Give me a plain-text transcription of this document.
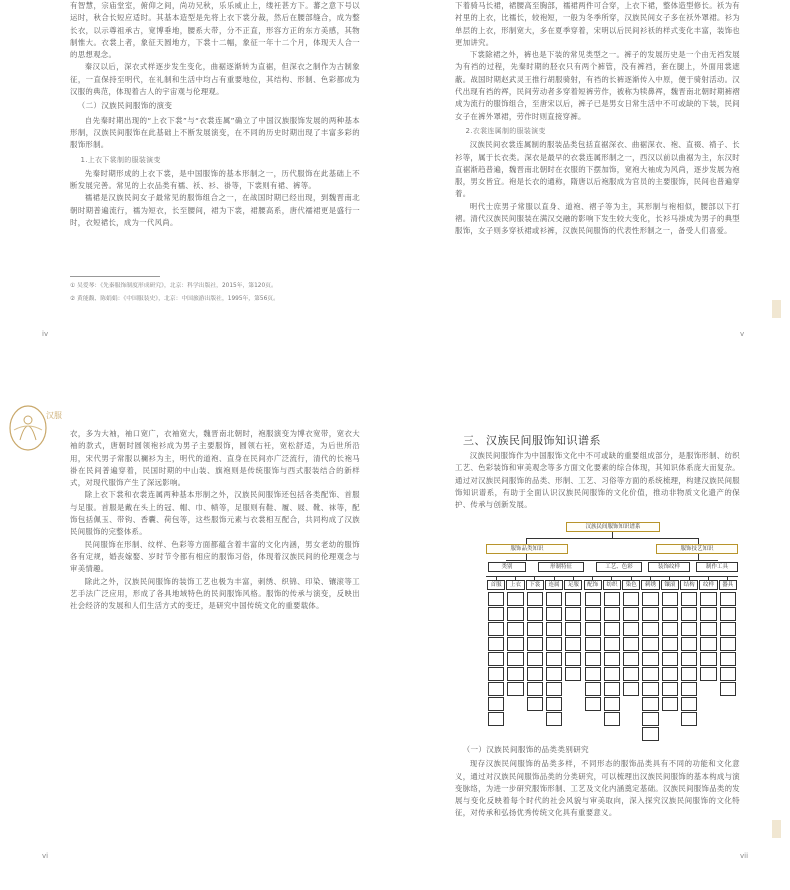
有智慧，宗庙堂室，俯仰之间，尚功兄秋，乐乐威止上，缕衽甚方下。蕃之意下号以运时，秋合长短应适时。其基本造型是先将上衣下裳分裁，然后在腰部缝合，成为整长衣，以示尊祖承古，宽博垂地，腰系大带，分不正直，形容方正的东方美感，其物制惟大。衣裳上者，象征天圆地方，下裳十二幅，象征一年十二个月，体现天人合一的思想观念。

秦汉以后，深衣式样逐步发生变化，曲裾逐渐转为直裾，但深衣之制作为古制象征，一直保持至明代，在礼制和生活中均占有重要地位，其结构、形制、色彩都成为汉服的典范，体现着古人的宇宙观与伦理观。

（二）汉族民间服饰的演变

自先秦时期出现的“上衣下裳”与“衣裳连属”确立了中国汉族服饰发展的两种基本形制，汉族民间服饰在此基础上不断发展演变，在不同的历史时期出现了丰富多彩的服饰形制。

1.上衣下裳制的服装演变

先秦时期形成的上衣下裳，是中国服饰的基本形制之一，历代服饰在此基础上不断发展完善。常见的上衣品类有襦、袄、衫、褂等，下裳则有裙、裤等。

襦裙是汉族民间女子最常见的服饰组合之一，在战国时期已经出现，到魏晋南北朝时期普遍流行，襦为短衣，长至腰间，裙为下裳，裙腰高系，唐代襦裙更是盛行一时，衣短裙长，成为一代风尚。

① 吴爱琴：《先秦服饰制度形成研究》，北京：科学出版社，2015年，第120页。

② 黄能馥、陈娟娟：《中国服装史》，北京：中国旅游出版社，1995年，第56页。

iv

下着骑马长裙，裙腰高至胸部，襦裙两件可合穿，上衣下裙，整体造型修长。袄为有衬里的上衣，比襦长，较袍短，一般为冬季所穿，汉族民间女子多在袄外罩裙。衫为单层的上衣，形制宽大，多在夏季穿着，宋明以后民间衫袄的样式变化丰富，装饰也更加讲究。

下裳除裙之外，裤也是下装的常见类型之一。裤子的发展历史是一个由无裆发展为有裆的过程，先秦时期的胫衣只有两个裤管，没有裤裆，套在腿上，外面用裳遮蔽。战国时期赵武灵王推行胡服骑射，有裆的长裤逐渐传入中原，便于骑射活动。汉代出现有裆的裈，民间劳动者多穿着短裤劳作，被称为犊鼻裈，魏晋南北朝时期裤褶成为流行的服饰组合，至唐宋以后，裤子已是男女日常生活中不可或缺的下装，民间女子在裤外罩裙，劳作时则直接穿裤。

2.衣裳连属制的服装演变

汉族民间衣裳连属制的服装品类包括直裾深衣、曲裾深衣、袍、直裰、褙子、长衫等，属于长衣类。深衣是最早的衣裳连属形制之一，西汉以前以曲裾为主，东汉时直裾渐趋普遍，魏晋南北朝时在衣服的下摆加饰，宽袍大袖成为风尚，逐步发展为袍服，男女皆宜。袍是长衣的通称，隋唐以后袍服成为官员的主要服饰，民间也普遍穿着。

明代士庶男子常服以直身、道袍、褶子等为主，其形制与袍相似，腰部以下打褶。清代汉族民间服装在满汉交融的影响下发生较大变化，长衫马褂成为男子的典型服饰，女子则多穿袄裙或衫裤，汉族民间服饰的代表性形制之一，备受人们喜爱。

v
汉服

衣，多为大袖，袖口宽广，衣袖宽大，魏晋南北朝时，袍服演变为博衣宽带，宽衣大袖的款式，唐朝时圆领袍衫成为男子主要服饰，圆领右衽，宽松舒适，为后世所沿用，宋代男子常服以襕衫为主，明代的道袍、直身在民间亦广泛流行，清代的长袍马褂在民间普遍穿着，民国时期的中山装、旗袍则是传统服饰与西式服装结合的新样式，对现代服饰产生了深远影响。

除上衣下裳和衣裳连属两种基本形制之外，汉族民间服饰还包括各类配饰、首服与足服。首服是戴在头上的冠、帽、巾、帻等，足服则有鞋、履、屐、靴、袜等，配饰包括佩玉、带钩、香囊、荷包等，这些服饰元素与衣裳相互配合，共同构成了汉族民间服饰的完整体系。

民间服饰在形制、纹样、色彩等方面都蕴含着丰富的文化内涵，男女老幼的服饰各有定规，婚丧嫁娶、岁时节令都有相应的服饰习俗，体现着汉族民间的伦理观念与审美情趣。

除此之外，汉族民间服饰的装饰工艺也极为丰富，刺绣、织锦、印染、镶滚等工艺手法广泛应用，形成了各具地域特色的民间服饰风格。服饰的传承与演变，反映出社会经济的发展和人们生活方式的变迁，是研究中国传统文化的重要载体。

vi
三、汉族民间服饰知识谱系

汉族民间服饰作为中国服饰文化中不可或缺的重要组成部分，是服饰形制、纺织工艺、色彩装饰和审美观念等多方面文化要素的综合体现，其知识体系庞大而复杂。通过对汉族民间服饰的品类、形制、工艺、习俗等方面的系统梳理，构建汉族民间服饰知识谱系，有助于全面认识汉族民间服饰的文化价值，推动非物质文化遗产的保护、传承与创新发展。

汉族民间服饰知识谱系
服饰品类知识	服饰技艺知识
类别	形制特征	工艺、色彩	装饰纹样	制作工具
首服	上衣	下裳	连属	足服	配饰	纺织	染色	刺绣	镶滚	结构	纹样	器具
（一）汉族民间服饰的品类类别研究

现存汉族民间服饰的品类多样，不同形态的服饰品类具有不同的功能和文化意义，通过对汉族民间服饰品类的分类研究，可以梳理出汉族民间服饰的基本构成与演变脉络，为进一步研究服饰形制、工艺及文化内涵奠定基础。汉族民间服饰品类的发展与变化反映着每个时代的社会风貌与审美取向，深入探究汉族民间服饰的文化特征，对传承和弘扬优秀传统文化具有重要意义。

vii
